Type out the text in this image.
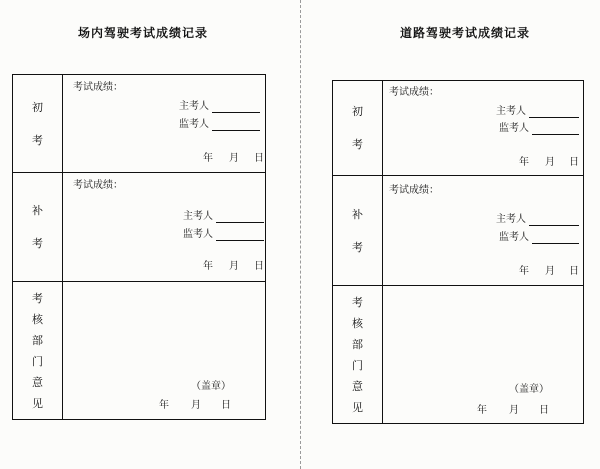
场内驾驶考试成绩记录
初
考
考试成绩：
主考人
监考人
年 月 日
补
考
考试成绩：
主考人
监考人
年 月 日
考
核
部
门
意
见
（盖章）
年 月 日
道路驾驶考试成绩记录
初
考
考试成绩：
主考人
监考人
年 月 日
补
考
考试成绩：
主考人
监考人
年 月 日
考
核
部
门
意
见
（盖章）
年 月 日
